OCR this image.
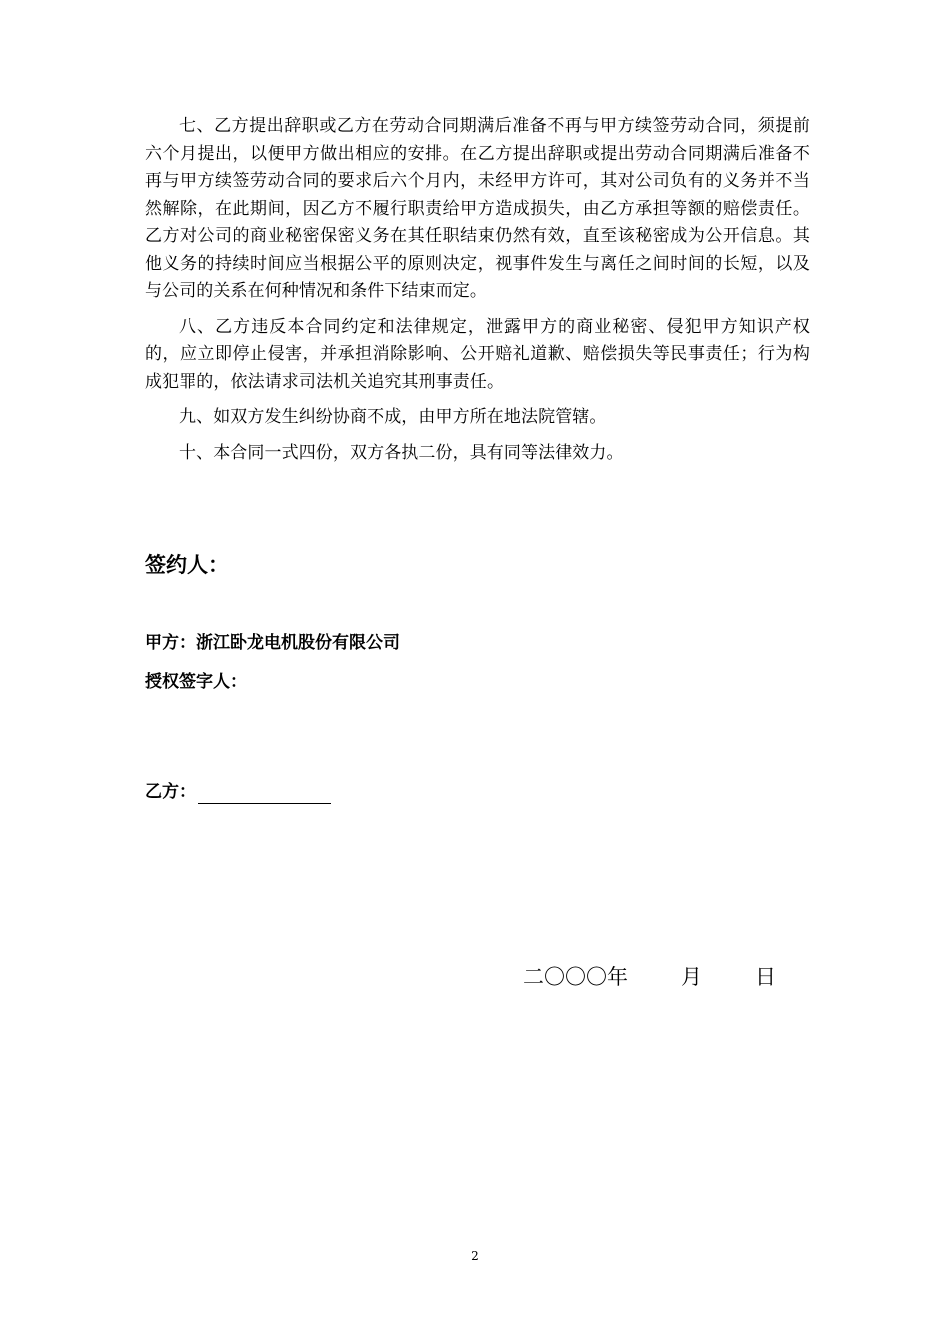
七、乙方提出辞职或乙方在劳动合同期满后准备不再与甲方续签劳动合同，须提前六个月提出，以便甲方做出相应的安排。在乙方提出辞职或提出劳动合同期满后准备不再与甲方续签劳动合同的要求后六个月内，未经甲方许可，其对公司负有的义务并不当然解除，在此期间，因乙方不履行职责给甲方造成损失，由乙方承担等额的赔偿责任。乙方对公司的商业秘密保密义务在其任职结束仍然有效，直至该秘密成为公开信息。其他义务的持续时间应当根据公平的原则决定，视事件发生与离任之间时间的长短，以及与公司的关系在何种情况和条件下结束而定。

八、乙方违反本合同约定和法律规定，泄露甲方的商业秘密、侵犯甲方知识产权的，应立即停止侵害，并承担消除影响、公开赔礼道歉、赔偿损失等民事责任；行为构成犯罪的，依法请求司法机关追究其刑事责任。

九、如双方发生纠纷协商不成，由甲方所在地法院管辖。

十、本合同一式四份，双方各执二份，具有同等法律效力。

签约人：
甲方：浙江卧龙电机股份有限公司
授权签字人：
乙方：
二〇〇〇年	月	日
2
